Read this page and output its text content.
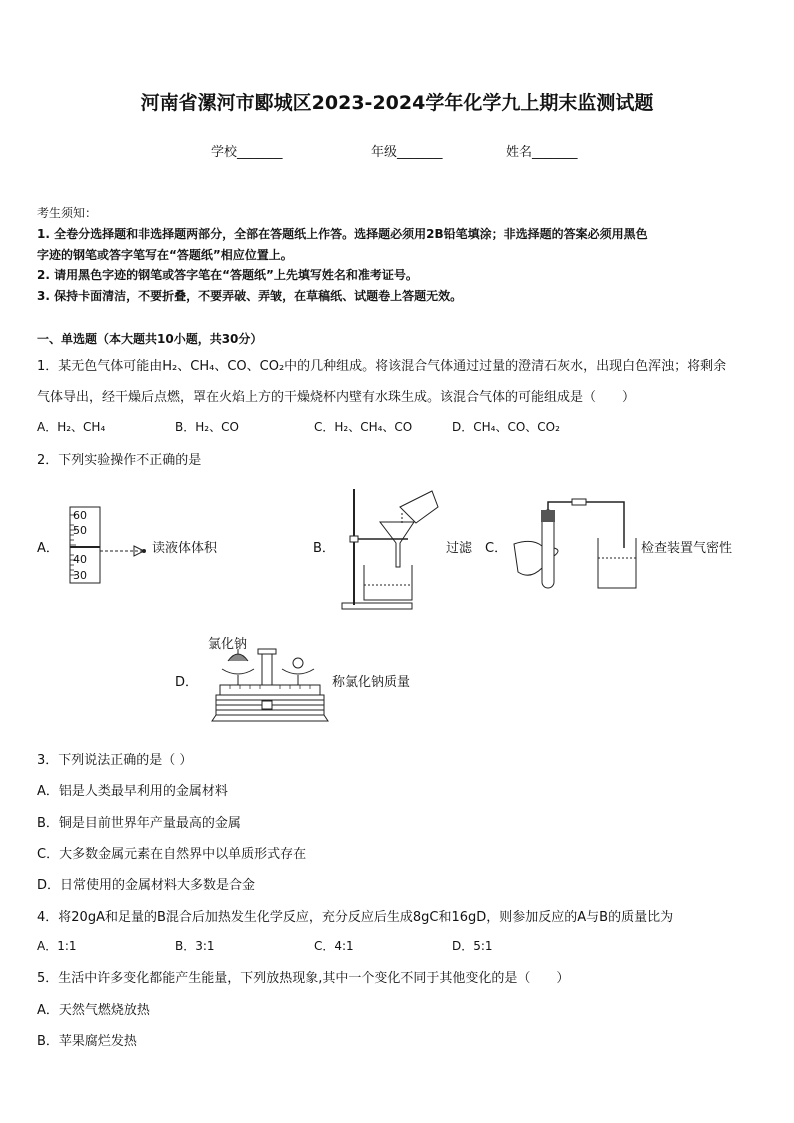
河南省漯河市郾城区2023-2024学年化学九上期末监测试题
学校_______	年级_______	姓名_______
考生须知：
1. 全卷分选择题和非选择题两部分，全部在答题纸上作答。选择题必须用2B铅笔填涂；非选择题的答案必须用黑色
字迹的钢笔或答字笔写在“答题纸”相应位置上。
2. 请用黑色字迹的钢笔或答字笔在“答题纸”上先填写姓名和准考证号。
3. 保持卡面清洁，不要折叠，不要弄破、弄皱，在草稿纸、试题卷上答题无效。
一、单选题（本大题共10小题，共30分）
1．某无色气体可能由H₂、CH₄、CO、CO₂中的几种组成。将该混合气体通过过量的澄清石灰水，出现白色浑浊；将剩余
气体导出，经干燥后点燃，罩在火焰上方的干燥烧杯内壁有水珠生成。该混合气体的可能组成是（　　）
A．H₂、CH₄	B．H₂、CO	C．H₂、CH₄、CO	D．CH₄、CO、CO₂
2．下列实验操作不正确的是
A．
60
50
40
30
读液体体积	B．	过滤 C．	检查装置气密性
氯化钠
D．	称氯化钠质量
3．下列说法正确的是（ ）
A．铝是人类最早利用的金属材料
B．铜是目前世界年产量最高的金属
C．大多数金属元素在自然界中以单质形式存在
D．日常使用的金属材料大多数是合金
4．将20gA和足量的B混合后加热发生化学反应，充分反应后生成8gC和16gD，则参加反应的A与B的质量比为
A．1:1	B．3:1	C．4:1	D．5:1
5．生活中许多变化都能产生能量，下列放热现象,其中一个变化不同于其他变化的是（　　）
A．天然气燃烧放热
B．苹果腐烂发热
